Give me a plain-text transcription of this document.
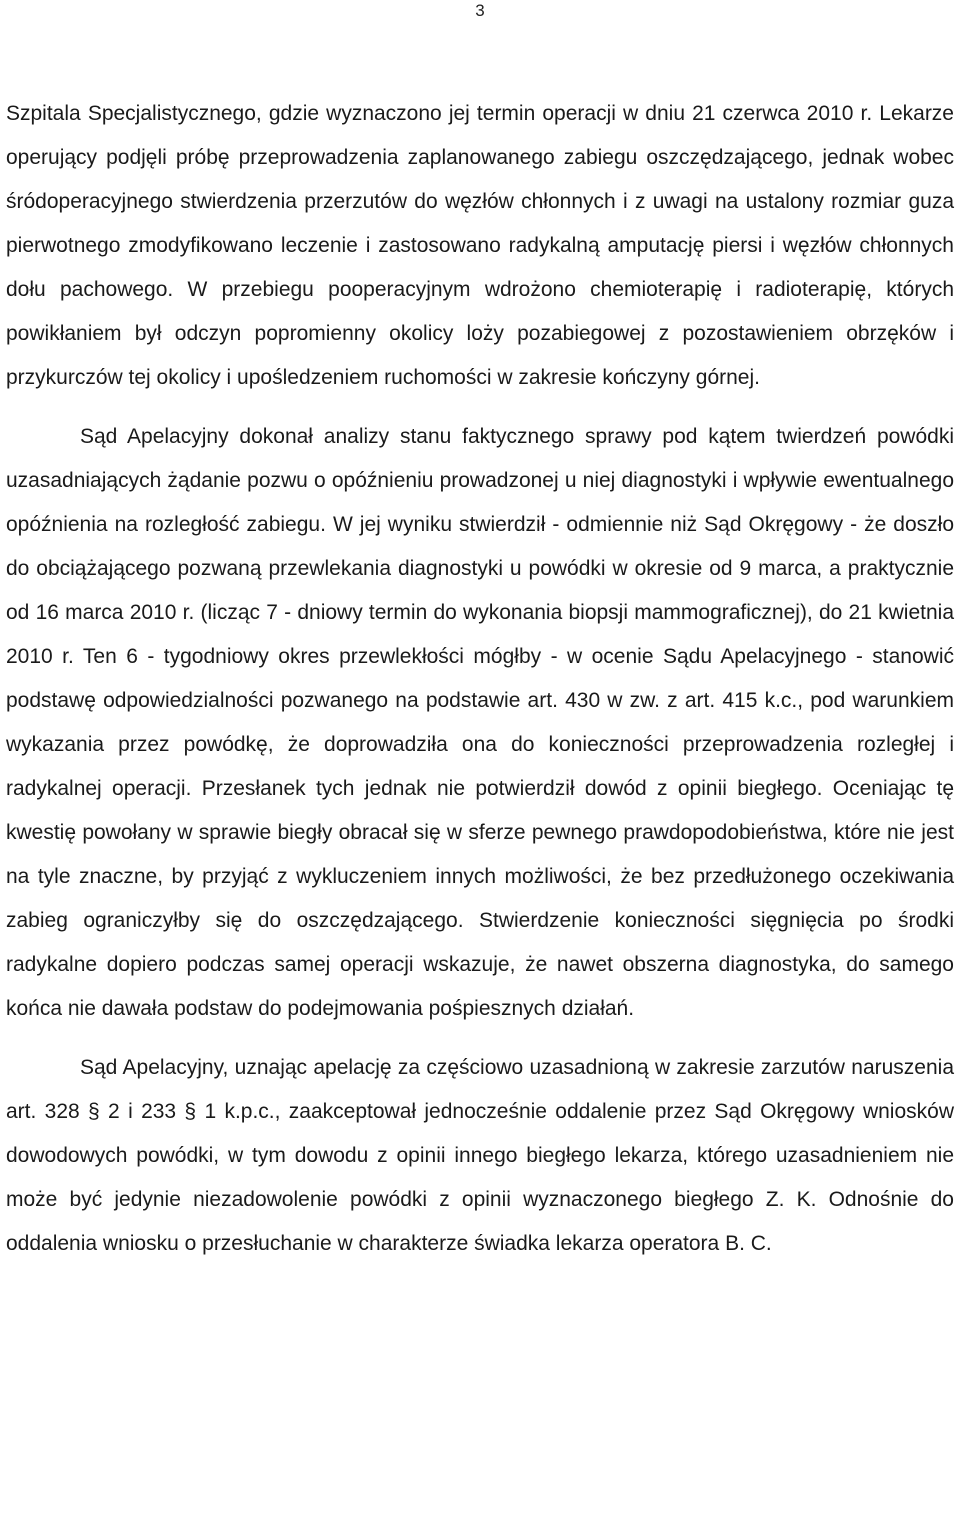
3

Szpitala Specjalistycznego, gdzie wyznaczono jej termin operacji w dniu 21 czerwca 2010 r. Lekarze operujący podjęli próbę przeprowadzenia zaplanowanego zabiegu oszczędzającego, jednak wobec śródoperacyjnego stwierdzenia przerzutów do węzłów chłonnych i z uwagi na ustalony rozmiar guza pierwotnego zmodyfikowano leczenie i zastosowano radykalną amputację piersi i węzłów chłonnych dołu pachowego. W przebiegu pooperacyjnym wdrożono chemioterapię i radioterapię, których powikłaniem był odczyn popromienny okolicy loży pozabiegowej z pozostawieniem obrzęków i przykurczów tej okolicy i upośledzeniem ruchomości w zakresie kończyny górnej.

Sąd Apelacyjny dokonał analizy stanu faktycznego sprawy pod kątem twierdzeń powódki uzasadniających żądanie pozwu o opóźnieniu prowadzonej u niej diagnostyki i wpływie ewentualnego opóźnienia na rozległość zabiegu. W jej wyniku stwierdził - odmiennie niż Sąd Okręgowy - że doszło do obciążającego pozwaną przewlekania diagnostyki u powódki w okresie od 9 marca, a praktycznie od 16 marca 2010 r. (licząc 7 - dniowy termin do wykonania biopsji mammograficznej), do 21 kwietnia 2010 r. Ten 6 - tygodniowy okres przewlekłości mógłby - w ocenie Sądu Apelacyjnego - stanowić podstawę odpowiedzialności pozwanego na podstawie art. 430 w zw. z art. 415 k.c., pod warunkiem wykazania przez powódkę, że doprowadziła ona do konieczności przeprowadzenia rozległej i radykalnej operacji. Przesłanek tych jednak nie potwierdził dowód z opinii biegłego. Oceniając tę kwestię powołany w sprawie biegły obracał się w sferze pewnego prawdopodobieństwa, które nie jest na tyle znaczne, by przyjąć z wykluczeniem innych możliwości, że bez przedłużonego oczekiwania zabieg ograniczyłby się do oszczędzającego. Stwierdzenie konieczności sięgnięcia po środki radykalne dopiero podczas samej operacji wskazuje, że nawet obszerna diagnostyka, do samego końca nie dawała podstaw do podejmowania pośpiesznych działań.

Sąd Apelacyjny, uznając apelację za częściowo uzasadnioną w zakresie zarzutów naruszenia art. 328 § 2 i 233 § 1 k.p.c., zaakceptował jednocześnie oddalenie przez Sąd Okręgowy wniosków dowodowych powódki, w tym dowodu z opinii innego biegłego lekarza, którego uzasadnieniem nie może być jedynie niezadowolenie powódki z opinii wyznaczonego biegłego Z. K. Odnośnie do oddalenia wniosku o przesłuchanie w charakterze świadka lekarza operatora B. C.
